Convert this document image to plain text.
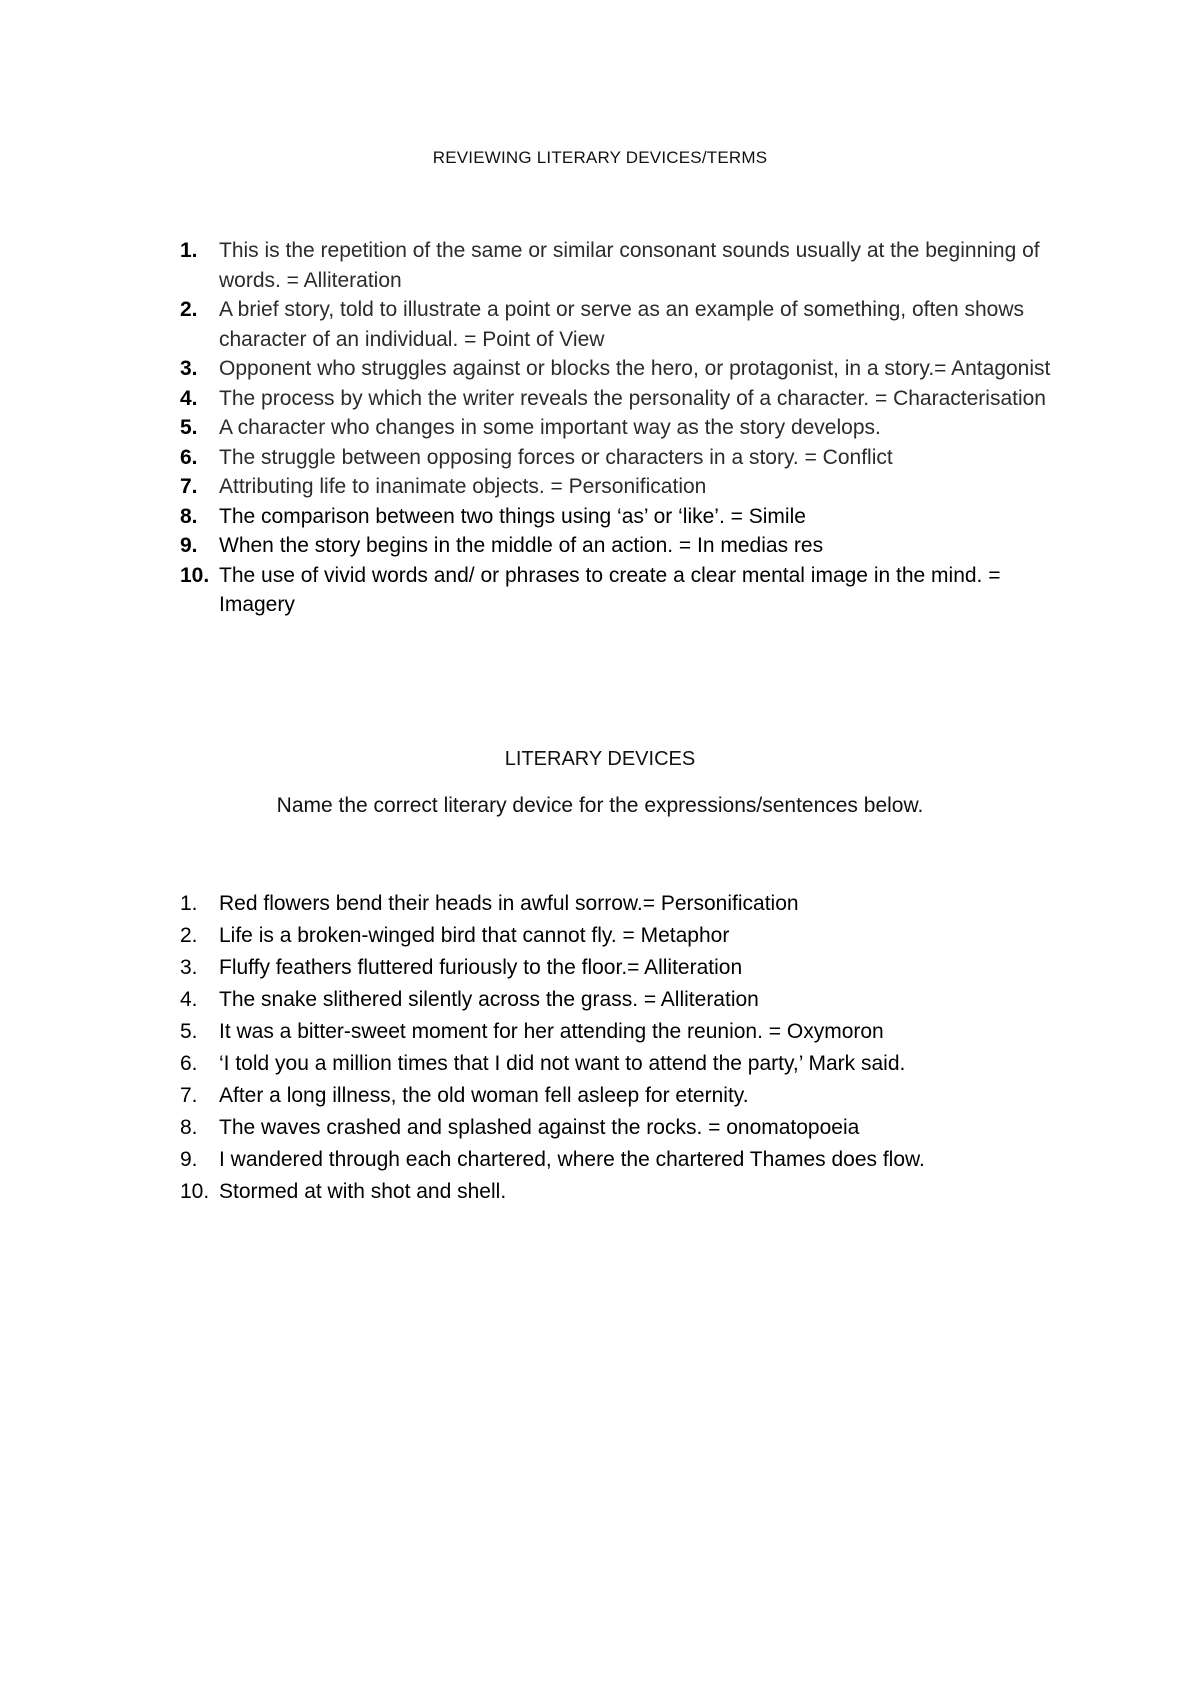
REVIEWING LITERARY DEVICES/TERMS
1. This is the repetition of the same or similar consonant sounds usually at the beginning of words. = Alliteration
2. A brief story, told to illustrate a point or serve as an example of something, often shows character of an individual. = Point of View
3. Opponent who struggles against or blocks the hero, or protagonist, in a story.= Antagonist
4. The process by which the writer reveals the personality of a character. = Characterisation
5. A character who changes in some important way as the story develops.
6. The struggle between opposing forces or characters in a story. = Conflict
7. Attributing life to inanimate objects. = Personification
8. The comparison between two things using ‘as’ or ‘like’. = Simile
9. When the story begins in the middle of an action. = In medias res
10. The use of vivid words and/ or phrases to create a clear mental image in the mind. = Imagery
LITERARY DEVICES
Name the correct literary device for the expressions/sentences below.
1. Red flowers bend their heads in awful sorrow.= Personification
2. Life is a broken-winged bird that cannot fly. = Metaphor
3. Fluffy feathers fluttered furiously to the floor.= Alliteration
4. The snake slithered silently across the grass. = Alliteration
5. It was a bitter-sweet moment for her attending the reunion. = Oxymoron
6. ‘I told you a million times that I did not want to attend the party,’ Mark said.
7. After a long illness, the old woman fell asleep for eternity.
8. The waves crashed and splashed against the rocks. = onomatopoeia
9. I wandered through each chartered, where the chartered Thames does flow.
10. Stormed at with shot and shell.
